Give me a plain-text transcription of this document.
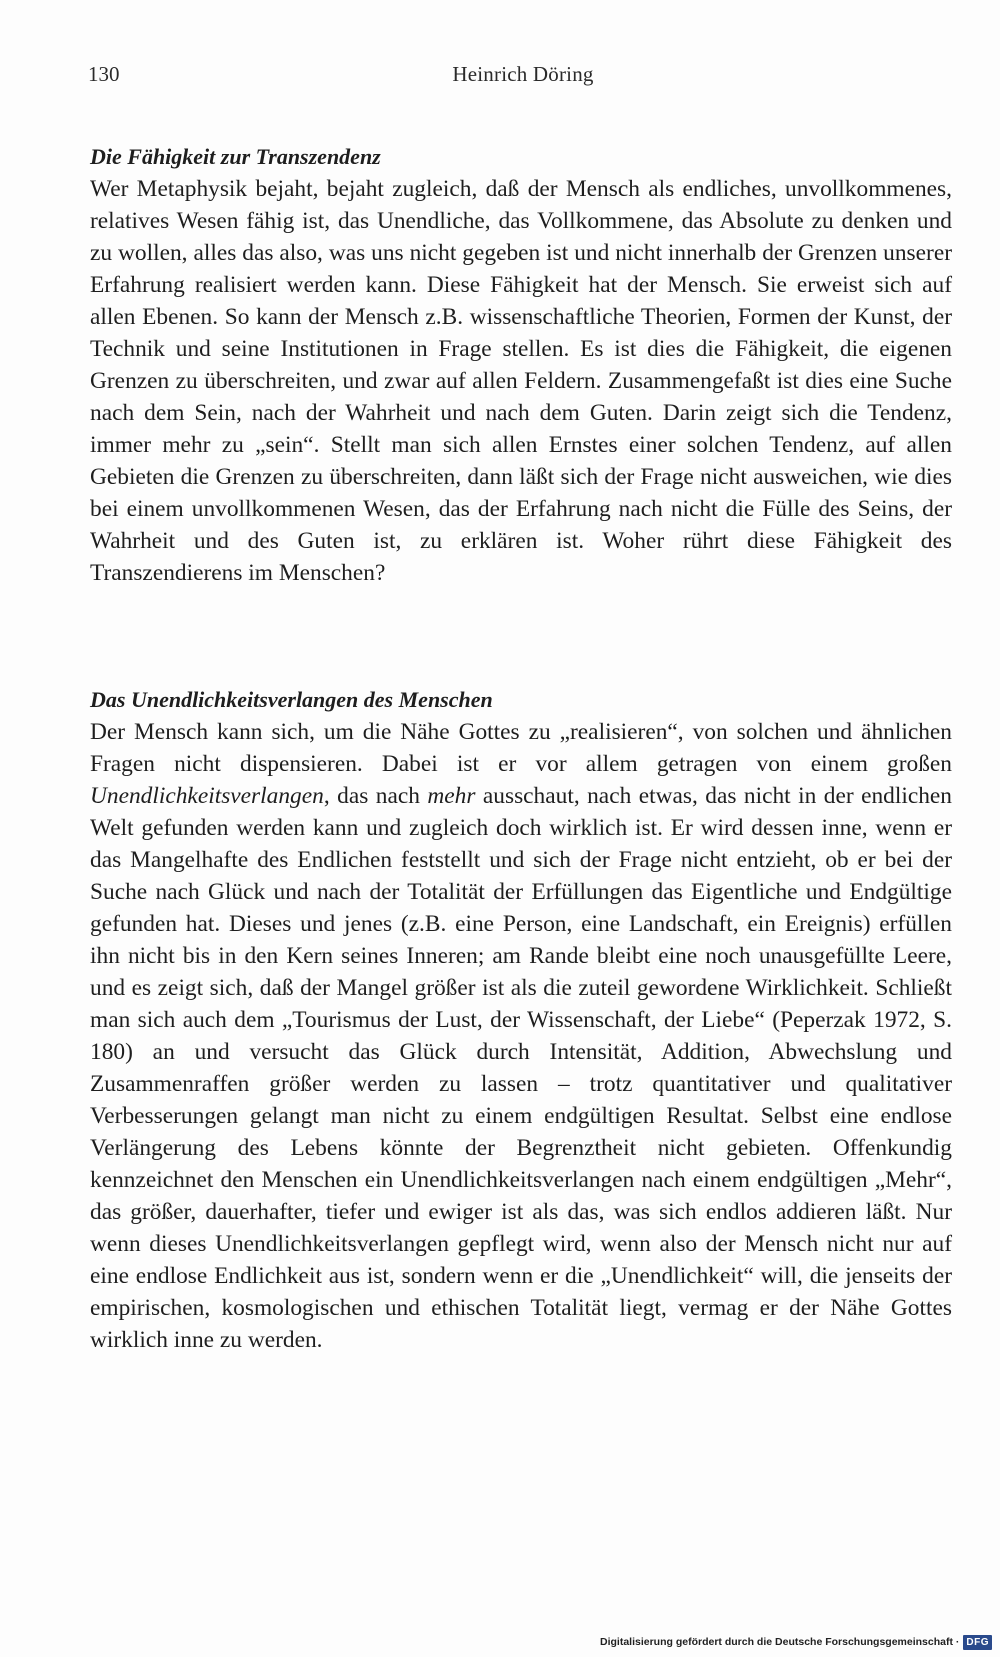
130	Heinrich Döring
Die Fähigkeit zur Transzendenz

Wer Metaphysik bejaht, bejaht zugleich, daß der Mensch als endliches, unvollkommenes, relatives Wesen fähig ist, das Unendliche, das Vollkommene, das Absolute zu denken und zu wollen, alles das also, was uns nicht gegeben ist und nicht innerhalb der Grenzen unserer Erfahrung realisiert werden kann. Diese Fähigkeit hat der Mensch. Sie erweist sich auf allen Ebenen. So kann der Mensch z.B. wissenschaftliche Theorien, Formen der Kunst, der Technik und seine Institutionen in Frage stellen. Es ist dies die Fähigkeit, die eigenen Grenzen zu überschreiten, und zwar auf allen Feldern. Zusammengefaßt ist dies eine Suche nach dem Sein, nach der Wahrheit und nach dem Guten. Darin zeigt sich die Tendenz, immer mehr zu „sein“. Stellt man sich allen Ernstes einer solchen Tendenz, auf allen Gebieten die Grenzen zu überschreiten, dann läßt sich der Frage nicht ausweichen, wie dies bei einem unvollkommenen Wesen, das der Erfahrung nach nicht die Fülle des Seins, der Wahrheit und des Guten ist, zu erklären ist. Woher rührt diese Fähigkeit des Transzendierens im Menschen?

Das Unendlichkeitsverlangen des Menschen

Der Mensch kann sich, um die Nähe Gottes zu „realisieren“, von solchen und ähnlichen Fragen nicht dispensieren. Dabei ist er vor allem getragen von einem großen Unendlichkeitsverlangen, das nach mehr ausschaut, nach etwas, das nicht in der endlichen Welt gefunden werden kann und zugleich doch wirklich ist. Er wird dessen inne, wenn er das Mangelhafte des Endlichen feststellt und sich der Frage nicht entzieht, ob er bei der Suche nach Glück und nach der Totalität der Erfüllungen das Eigentliche und Endgültige gefunden hat. Dieses und jenes (z.B. eine Person, eine Landschaft, ein Ereignis) erfüllen ihn nicht bis in den Kern seines Inneren; am Rande bleibt eine noch unausgefüllte Leere, und es zeigt sich, daß der Mangel größer ist als die zuteil gewordene Wirklichkeit. Schließt man sich auch dem „Tourismus der Lust, der Wissenschaft, der Liebe“ (Peperzak 1972, S. 180) an und versucht das Glück durch Intensität, Addition, Abwechslung und Zusammenraffen größer werden zu lassen – trotz quantitativer und qualitativer Verbesserungen gelangt man nicht zu einem endgültigen Resultat. Selbst eine endlose Verlängerung des Lebens könnte der Begrenztheit nicht gebieten. Offenkundig kennzeichnet den Menschen ein Unendlichkeitsverlangen nach einem endgültigen „Mehr“, das größer, dauerhafter, tiefer und ewiger ist als das, was sich endlos addieren läßt. Nur wenn dieses Unendlichkeitsverlangen gepflegt wird, wenn also der Mensch nicht nur auf eine endlose Endlichkeit aus ist, sondern wenn er die „Unendlichkeit“ will, die jenseits der empirischen, kosmologischen und ethischen Totalität liegt, vermag er der Nähe Gottes wirklich inne zu werden.

Digitalisierung gefördert durch die Deutsche Forschungsgemeinschaft · DFG
